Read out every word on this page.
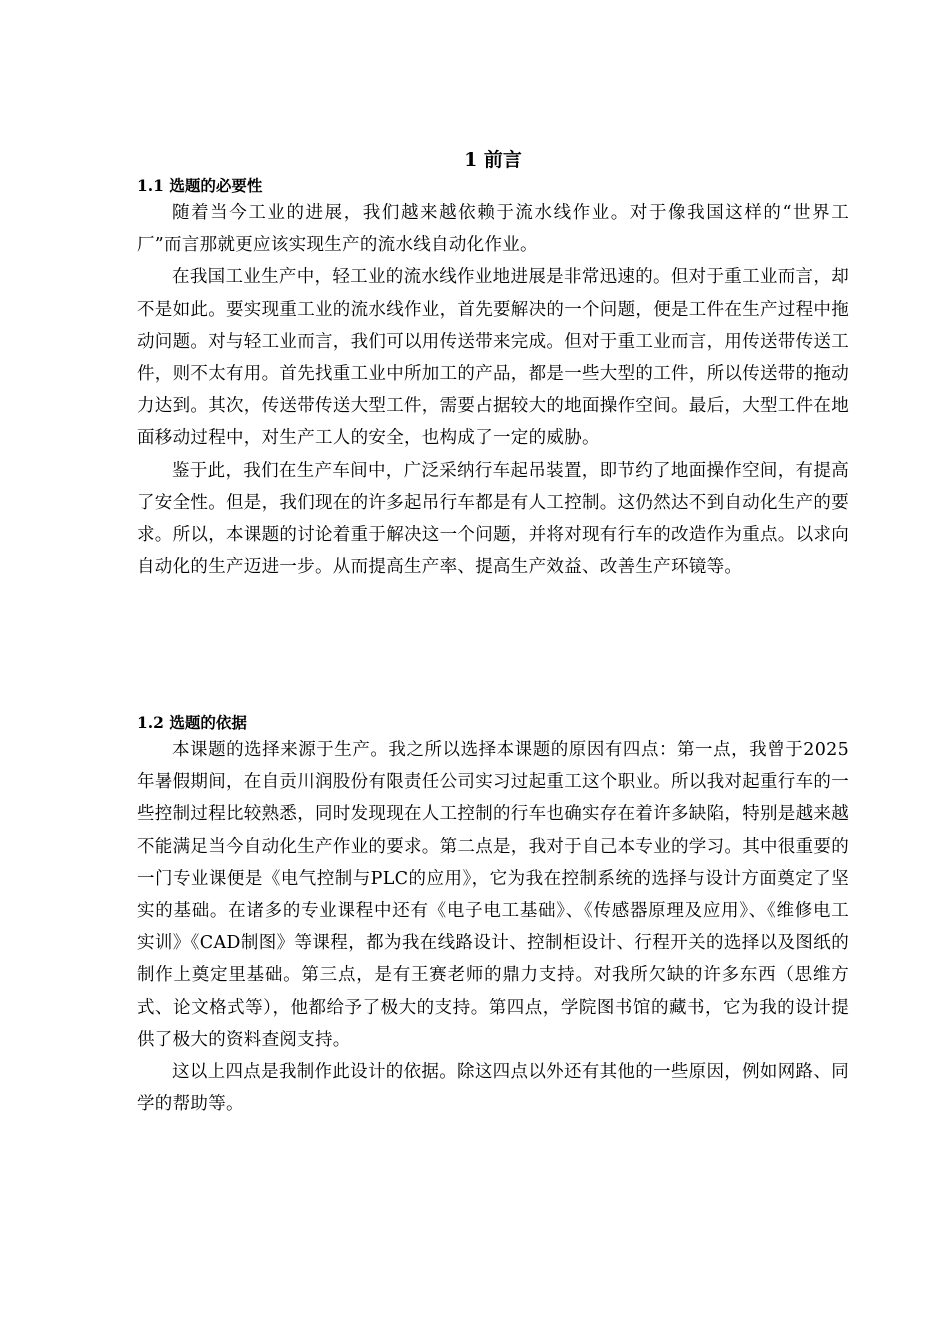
1 前言
1.1 选题的必要性

随着当今工业的进展，我们越来越依赖于流水线作业。对于像我国这样的“世界工厂”而言那就更应该实现生产的流水线自动化作业。

在我国工业生产中，轻工业的流水线作业地进展是非常迅速的。但对于重工业而言，却不是如此。要实现重工业的流水线作业，首先要解决的一个问题，便是工件在生产过程中拖动问题。对与轻工业而言，我们可以用传送带来完成。但对于重工业而言，用传送带传送工件，则不太有用。首先找重工业中所加工的产品，都是一些大型的工件，所以传送带的拖动力达到。其次，传送带传送大型工件，需要占据较大的地面操作空间。最后，大型工件在地面移动过程中，对生产工人的安全，也构成了一定的威胁。

鉴于此，我们在生产车间中，广泛采纳行车起吊装置，即节约了地面操作空间，有提高了安全性。但是，我们现在的许多起吊行车都是有人工控制。这仍然达不到自动化生产的要求。所以，本课题的讨论着重于解决这一个问题，并将对现有行车的改造作为重点。以求向自动化的生产迈进一步。从而提高生产率、提高生产效益、改善生产环镜等。

1.2 选题的依据

本课题的选择来源于生产。我之所以选择本课题的原因有四点：第一点，我曾于2025年暑假期间，在自贡川润股份有限责任公司实习过起重工这个职业。所以我对起重行车的一些控制过程比较熟悉，同时发现现在人工控制的行车也确实存在着许多缺陷，特别是越来越不能满足当今自动化生产作业的要求。第二点是，我对于自己本专业的学习。其中很重要的一门专业课便是《电气控制与PLC的应用》，它为我在控制系统的选择与设计方面奠定了坚实的基础。在诸多的专业课程中还有《电子电工基础》、《传感器原理及应用》、《维修电工实训》《CAD制图》等课程，都为我在线路设计、控制柜设计、行程开关的选择以及图纸的制作上奠定里基础。第三点，是有王赛老师的鼎力支持。对我所欠缺的许多东西（思维方式、论文格式等），他都给予了极大的支持。第四点，学院图书馆的藏书，它为我的设计提供了极大的资料查阅支持。

这以上四点是我制作此设计的依据。除这四点以外还有其他的一些原因，例如网路、同学的帮助等。
